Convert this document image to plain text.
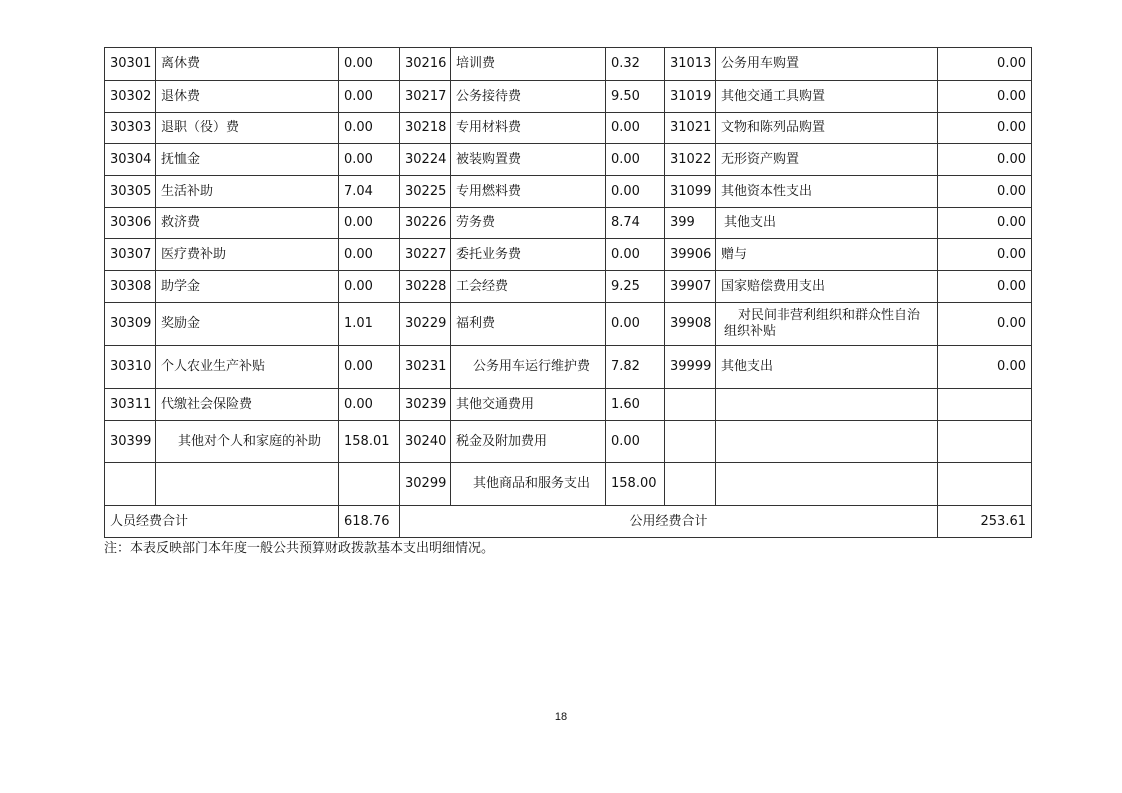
30301	离休费	0.00	30216	培训费	0.32	31013	公务用车购置	0.00
30302	退休费	0.00	30217	公务接待费	9.50	31019	其他交通工具购置	0.00
30303	退职（役）费	0.00	30218	专用材料费	0.00	31021	文物和陈列品购置	0.00
30304	抚恤金	0.00	30224	被装购置费	0.00	31022	无形资产购置	0.00
30305	生活补助	7.04	30225	专用燃料费	0.00	31099	其他资本性支出	0.00
30306	救济费	0.00	30226	劳务费	8.74	399	其他支出	0.00
30307	医疗费补助	0.00	30227	委托业务费	0.00	39906	赠与	0.00
30308	助学金	0.00	30228	工会经费	9.25	39907	国家赔偿费用支出	0.00
30309	奖励金	1.01	30229	福利费	0.00	39908	对民间非营利组织和群众性自治组织补贴	0.00
30310	个人农业生产补贴	0.00	30231	公务用车运行维护费	7.82	39999	其他支出	0.00
30311	代缴社会保险费	0.00	30239	其他交通费用	1.60			
30399	其他对个人和家庭的补助	158.01	30240	税金及附加费用	0.00			
			30299	其他商品和服务支出	158.00			
人员经费合计		618.76	公用经费合计					253.61
注：本表反映部门本年度一般公共预算财政拨款基本支出明细情况。
18
